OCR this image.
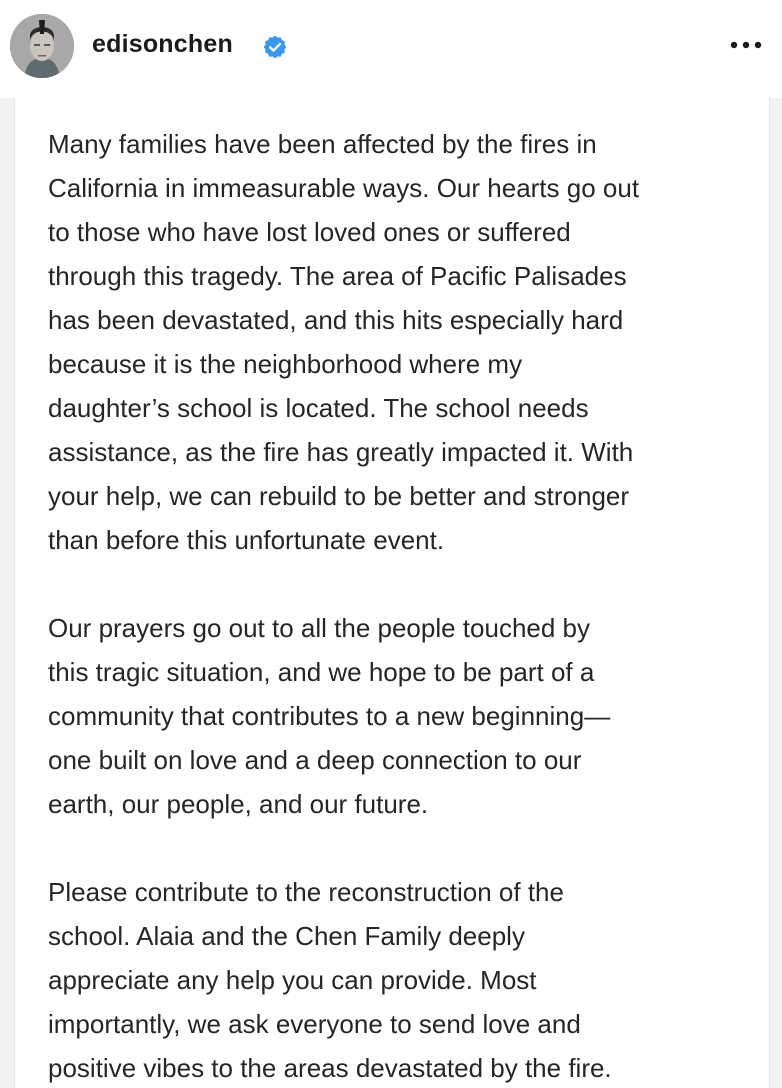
edisonchen

Many families have been affected by the fires in
California in immeasurable ways. Our hearts go out
to those who have lost loved ones or suffered
through this tragedy. The area of Pacific Palisades
has been devastated, and this hits especially hard
because it is the neighborhood where my
daughter’s school is located. The school needs
assistance, as the fire has greatly impacted it. With
your help, we can rebuild to be better and stronger
than before this unfortunate event.

Our prayers go out to all the people touched by
this tragic situation, and we hope to be part of a
community that contributes to a new beginning—
one built on love and a deep connection to our
earth, our people, and our future.

Please contribute to the reconstruction of the
school. Alaia and the Chen Family deeply
appreciate any help you can provide. Most
importantly, we ask everyone to send love and
positive vibes to the areas devastated by the fire.
